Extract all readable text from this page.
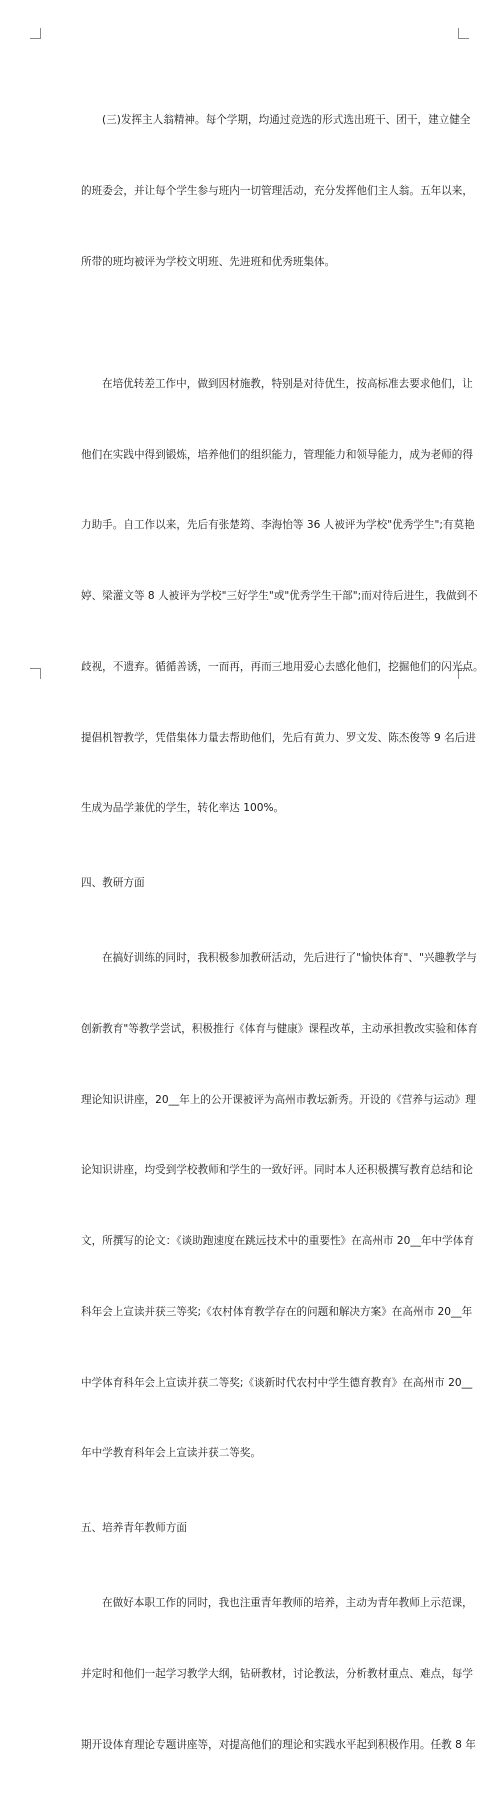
(三)发挥主人翁精神。每个学期，均通过竞选的形式选出班干、团干，建立健全

的班委会，并让每个学生参与班内一切管理活动，充分发挥他们主人翁。五年以来，

所带的班均被评为学校文明班、先进班和优秀班集体。

在培优转差工作中，做到因材施教，特别是对待优生，按高标准去要求他们，让

他们在实践中得到锻炼，培养他们的组织能力，管理能力和领导能力，成为老师的得

力助手。自工作以来，先后有张楚筠、李海怡等 36 人被评为学校"优秀学生";有莫艳

婷、梁灌文等 8 人被评为学校"三好学生"或"优秀学生干部";而对待后进生，我做到不

歧视，不遗弃。循循善诱，一而再，再而三地用爱心去感化他们，挖掘他们的闪光点。

提倡机智教学，凭借集体力量去帮助他们，先后有黄力、罗文发、陈杰俊等 9 名后进

生成为品学兼优的学生，转化率达 100%。

四、教研方面

在搞好训练的同时，我积极参加教研活动，先后进行了"愉快体育"、"兴趣教学与

创新教育"等教学尝试，积极推行《体育与健康》课程改革，主动承担教改实验和体育

理论知识讲座，20__年上的公开课被评为高州市教坛新秀。开设的《营养与运动》理

论知识讲座，均受到学校教师和学生的一致好评。同时本人还积极撰写教育总结和论

文，所撰写的论文：《谈助跑速度在跳远技术中的重要性》在高州市 20__年中学体育

科年会上宣读并获三等奖;《农村体育教学存在的问题和解决方案》在高州市 20__年

中学体育科年会上宣读并获二等奖;《谈新时代农村中学生德育教育》在高州市 20__

年中学教育科年会上宣读并获二等奖。

五、培养青年教师方面

在做好本职工作的同时，我也注重青年教师的培养，主动为青年教师上示范课，

并定时和他们一起学习教学大纲，钻研教材，讨论教法，分析教材重点、难点，每学

期开设体育理论专题讲座等，对提高他们的理论和实践水平起到积极作用。任教 8 年
